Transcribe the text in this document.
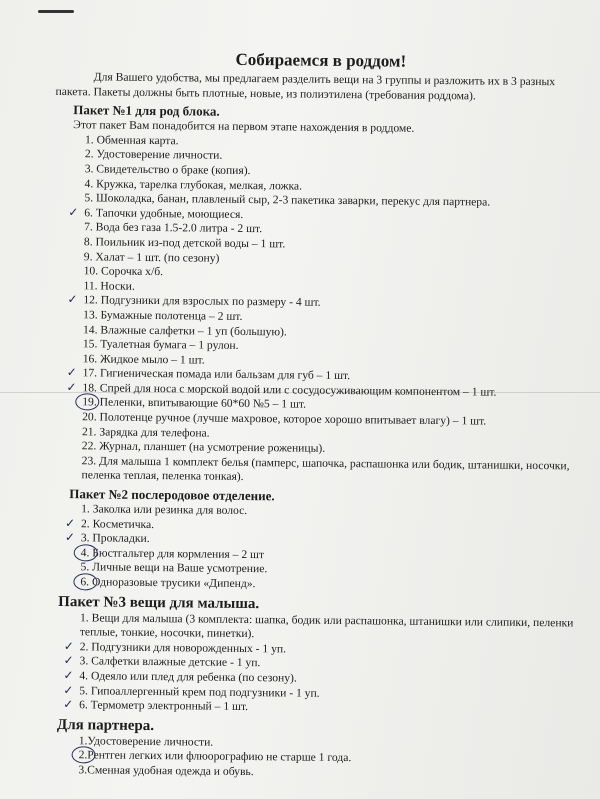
Собираемся в роддом!
Для Вашего удобства, мы предлагаем разделить вещи на 3 группы и разложить их в 3 разных пакета. Пакеты должны быть плотные, новые, из полиэтилена (требования роддома).
Пакет №1 для род блока.
Этот пакет Вам понадобится на первом этапе нахождения в роддоме.
1. Обменная карта.
2. Удостоверение личности.
3. Свидетельство о браке (копия).
4. Кружка, тарелка глубокая, мелкая, ложка.
5. Шоколадка, банан, плавленый сыр, 2-3 пакетика заварки, перекус для партнера.
✓ 6. Тапочки удобные, моющиеся.
7. Вода без газа 1.5-2.0 литра - 2 шт.
8. Поильник из-под детской воды – 1 шт.
9. Халат – 1 шт. (по сезону)
10. Сорочка х/б.
11. Носки.
✓ 12. Подгузники для взрослых по размеру - 4 шт.
13. Бумажные полотенца – 2 шт.
14. Влажные салфетки – 1 уп (большую).
15. Туалетная бумага – 1 рулон.
16. Жидкое мыло – 1 шт.
✓ 17. Гигиеническая помада или бальзам для губ – 1 шт.
✓ 18. Спрей для носа с морской водой или с сосудосуживающим компонентом – 1 шт.
19. Пеленки, впитывающие 60*60 №5 – 1 шт.
20. Полотенце ручное (лучше махровое, которое хорошо впитывает влагу) – 1 шт.
21. Зарядка для телефона.
22. Журнал, планшет (на усмотрение роженицы).
23. Для малыша 1 комплект белья (памперс, шапочка, распашонка или бодик, штанишки, носочки, пеленка теплая, пеленка тонкая).
Пакет №2 послеродовое отделение.
1. Заколка или резинка для волос.
✓ 2. Косметичка.
✓ 3. Прокладки.
4. Бюстгальтер для кормления – 2 шт
5. Личные вещи на Ваше усмотрение.
6. Одноразовые трусики «Дипенд».
Пакет №3 вещи для малыша.
1. Вещи для малыша (3 комплекта: шапка, бодик или распашонка, штанишки или слипики, пеленки теплые, тонкие, носочки, пинетки).
✓ 2. Подгузники для новорожденных - 1 уп.
✓ 3. Салфетки влажные детские - 1 уп.
✓ 4. Одеяло или плед для ребенка (по сезону).
✓ 5. Гипоаллергенный крем под подгузники - 1 уп.
✓ 6. Термометр электронный – 1 шт.
Для партнера.
1.Удостоверение личности.
2.Рентген легких или флюорографию не старше 1 года.
3.Сменная удобная одежда и обувь.
